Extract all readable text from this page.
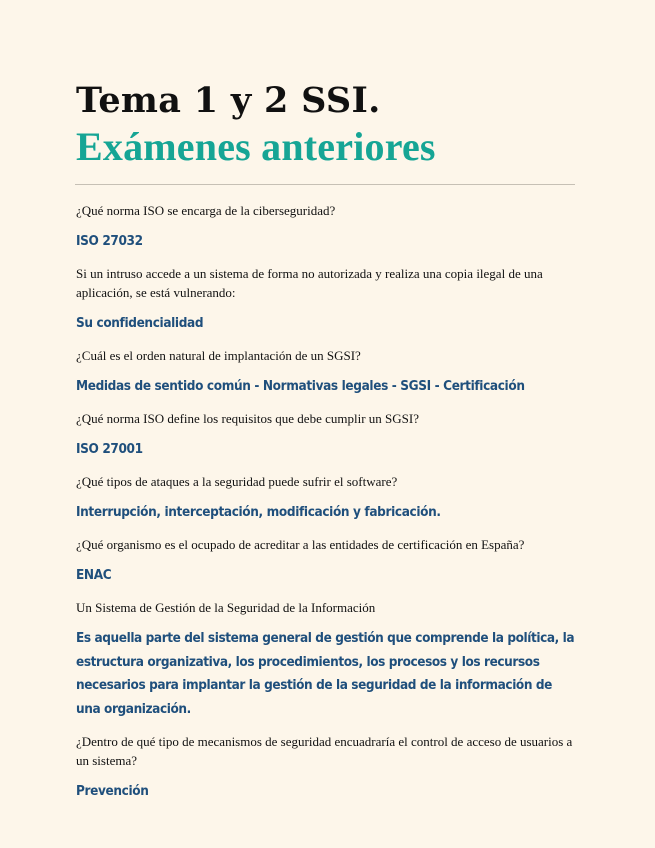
Tema 1 y 2 SSI.
Exámenes anteriores

¿Qué norma ISO se encarga de la ciberseguridad?

ISO 27032

Si un intruso accede a un sistema de forma no autorizada y realiza una copia ilegal de una aplicación, se está vulnerando:

Su confidencialidad

¿Cuál es el orden natural de implantación de un SGSI?

Medidas de sentido común - Normativas legales - SGSI - Certificación

¿Qué norma ISO define los requisitos que debe cumplir un SGSI?

ISO 27001

¿Qué tipos de ataques a la seguridad puede sufrir el software?

Interrupción, interceptación, modificación y fabricación.

¿Qué organismo es el ocupado de acreditar a las entidades de certificación en España?

ENAC

Un Sistema de Gestión de la Seguridad de la Información

Es aquella parte del sistema general de gestión que comprende la política, la estructura organizativa, los procedimientos, los procesos y los recursos necesarios para implantar la gestión de la seguridad de la información de una organización.

¿Dentro de qué tipo de mecanismos de seguridad encuadraría el control de acceso de usuarios a un sistema?

Prevención
